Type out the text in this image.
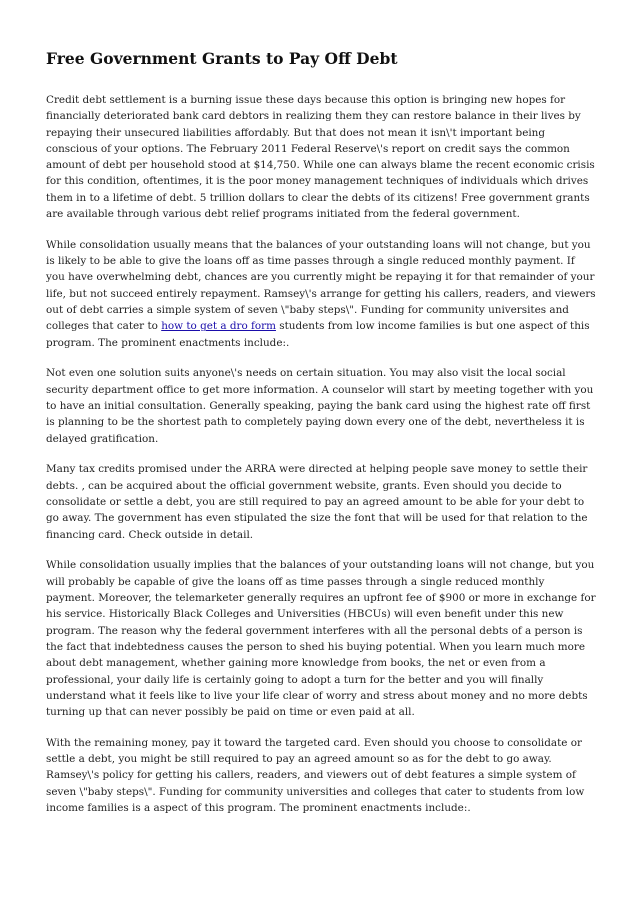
Free Government Grants to Pay Off Debt

Credit debt settlement is a burning issue these days because this option is bringing new hopes for financially deteriorated bank card debtors in realizing them they can restore balance in their lives by repaying their unsecured liabilities affordably. But that does not mean it isn\'t important being conscious of your options. The February 2011 Federal Reserve\'s report on credit says the common amount of debt per household stood at $14,750. While one can always blame the recent economic crisis for this condition, oftentimes, it is the poor money management techniques of individuals which drives them in to a lifetime of debt. 5 trillion dollars to clear the debts of its citizens! Free government grants are available through various debt relief programs initiated from the federal government.

While consolidation usually means that the balances of your outstanding loans will not change, but you is likely to be able to give the loans off as time passes through a single reduced monthly payment. If you have overwhelming debt, chances are you currently might be repaying it for that remainder of your life, but not succeed entirely repayment. Ramsey\'s arrange for getting his callers, readers, and viewers out of debt carries a simple system of seven \"baby steps\". Funding for community universites and colleges that cater to how to get a dro form students from low income families is but one aspect of this program. The prominent enactments include:.

Not even one solution suits anyone\'s needs on certain situation. You may also visit the local social security department office to get more information. A counselor will start by meeting together with you to have an initial consultation. Generally speaking, paying the bank card using the highest rate off first is planning to be the shortest path to completely paying down every one of the debt, nevertheless it is delayed gratification.

Many tax credits promised under the ARRA were directed at helping people save money to settle their debts. , can be acquired about the official government website, grants. Even should you decide to consolidate or settle a debt, you are still required to pay an agreed amount to be able for your debt to go away. The government has even stipulated the size the font that will be used for that relation to the financing card. Check outside in detail.

While consolidation usually implies that the balances of your outstanding loans will not change, but you will probably be capable of give the loans off as time passes through a single reduced monthly payment. Moreover, the telemarketer generally requires an upfront fee of $900 or more in exchange for his service. Historically Black Colleges and Universities (HBCUs) will even benefit under this new program. The reason why the federal government interferes with all the personal debts of a person is the fact that indebtedness causes the person to shed his buying potential. When you learn much more about debt management, whether gaining more knowledge from books, the net or even from a professional, your daily life is certainly going to adopt a turn for the better and you will finally understand what it feels like to live your life clear of worry and stress about money and no more debts turning up that can never possibly be paid on time or even paid at all.

With the remaining money, pay it toward the targeted card. Even should you choose to consolidate or settle a debt, you might be still required to pay an agreed amount so as for the debt to go away. Ramsey\'s policy for getting his callers, readers, and viewers out of debt features a simple system of seven \"baby steps\". Funding for community universities and colleges that cater to students from low income families is a aspect of this program. The prominent enactments include:.
